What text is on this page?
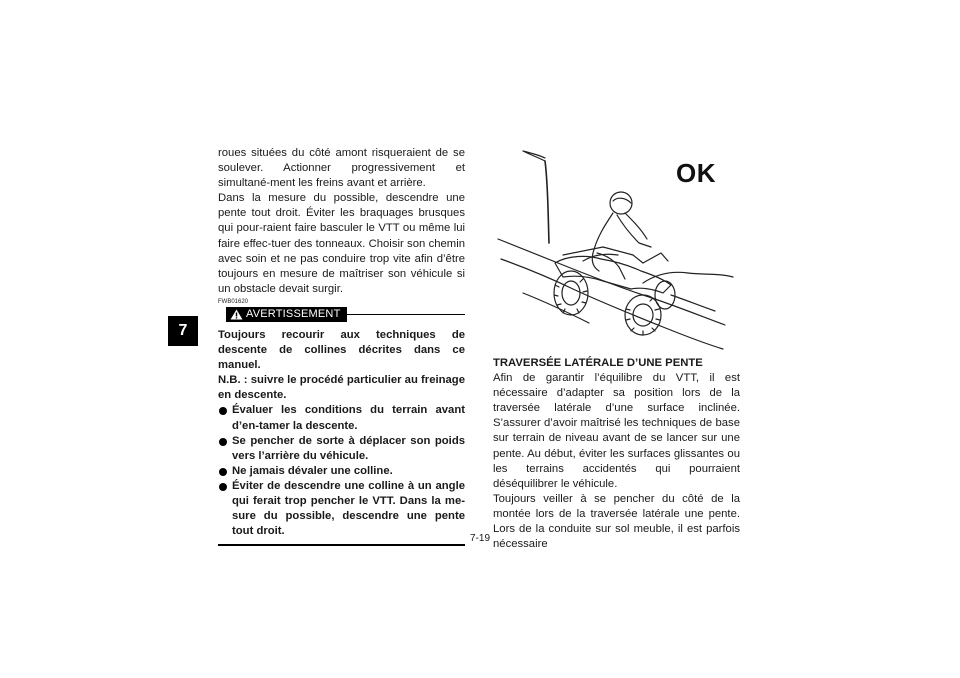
7

roues situées du côté amont risqueraient de se soulever. Actionner progressivement et simultané-ment les freins avant et arrière.

Dans la mesure du possible, descendre une pente tout droit. Éviter les braquages brusques qui pour-raient faire basculer le VTT ou même lui faire effec-tuer des tonneaux. Choisir son chemin avec soin et ne pas conduire trop vite afin d’être toujours en mesure de maîtriser son véhicule si un obstacle devait surgir.

FWB01620
AVERTISSEMENT

Toujours recourir aux techniques de descente de collines décrites dans ce manuel.

N.B. : suivre le procédé particulier au freinage en descente.

Évaluer les conditions du terrain avant d’en-tamer la descente.
Se pencher de sorte à déplacer son poids vers l’arrière du véhicule.
Ne jamais dévaler une colline.
Éviter de descendre une colline à un angle qui ferait trop pencher le VTT. Dans la me-sure du possible, descendre une pente tout droit.
OK

TRAVERSÉE LATÉRALE D’UNE PENTE

Afin de garantir l’équilibre du VTT, il est nécessaire d’adapter sa position lors de la traversée latérale d’une surface inclinée. S’assurer d’avoir maîtrisé les techniques de base sur terrain de niveau avant de se lancer sur une pente. Au début, éviter les surfaces glissantes ou les terrains accidentés qui pourraient déséquilibrer le véhicule.

Toujours veiller à se pencher du côté de la montée lors de la traversée latérale une pente. Lors de la conduite sur sol meuble, il est parfois nécessaire

7-19
